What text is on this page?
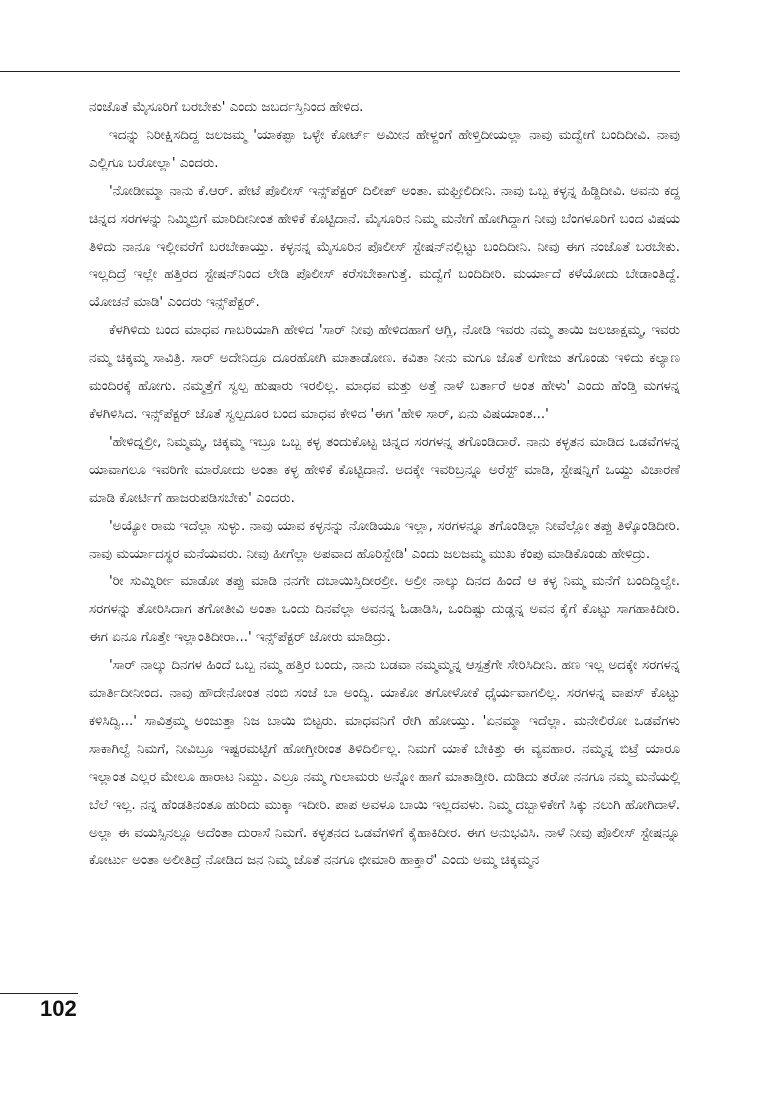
ನಂಜೊತೆ ಮೈಸೂರಿಗೆ ಬರಬೇಕು' ಎಂದು ಜಬರ್ದಸ್ತಿನಿಂದ ಹೇಳಿದ.

ಇದನ್ನು ನಿರೀಕ್ಷಿಸದಿದ್ದ ಜಲಜಮ್ಮ 'ಯಾಕಪ್ಪಾ ಒಳ್ಳೇ ಕೋರ್ಟ್ ಅಮೀನ ಹೇಳ್ದಂಗೆ ಹೇಳ್ತಿದೀಯಲ್ಲಾ ನಾವು ಮದ್ವೇಗೆ ಬಂದಿದೀವಿ. ನಾವು ಎಲ್ಲಿಗೂ ಬರೋಲ್ಲಾ' ಎಂದರು.

'ನೋಡೀಮ್ಮಾ ನಾನು ಕೆ.ಆರ್. ಪೇಟೆ ಪೊಲೀಸ್ ಇನ್ಸ್‌ಪೆಕ್ಟರ್ ದಿಲೀಪ್ ಅಂತಾ. ಮಫ್ತೀಲಿದೀನಿ. ನಾವು ಒಬ್ಬ ಕಳ್ಳನ್ನ ಹಿಡ್ದಿದೀವಿ. ಅವನು ಕದ್ದ ಚಿನ್ನದ ಸರಗಳನ್ನು ನಿಮ್ಮಿಬ್ರಿಗೆ ಮಾರಿದೀನೀಂತ ಹೇಳಿಕೆ ಕೊಟ್ಟಿದಾನೆ. ಮೈಸೂರಿನ ನಿಮ್ಮ ಮನೇಗೆ ಹೋಗಿದ್ದಾಗ ನೀವು ಬೆಂಗಳೂರಿಗೆ ಬಂದ ವಿಷಯ ತಿಳಿದು ನಾನೂ ಇಲ್ಲೀವರೆಗೆ ಬರಬೇಕಾಯ್ತು. ಕಳ್ಳನನ್ನ ಮೈಸೂರಿನ ಪೊಲೀಸ್ ಸ್ಟೇಷನ್‌ನಲ್ಲಿಟ್ಟು ಬಂದಿದೀನಿ. ನೀವು ಈಗ ನಂಜೊತೆ ಬರಬೇಕು. ಇಲ್ಲದಿದ್ರೆ ಇಲ್ಲೇ ಹತ್ತಿರದ ಸ್ಟೇಷನ್‌ನಿಂದ ಲೇಡಿ ಪೊಲೀಸ್ ಕರೆಸಬೇಕಾಗುತ್ತೆ. ಮದ್ವೆಗೆ ಬಂದಿದೀರಿ. ಮರ್ಯಾದೆ ಕಳೆಯೋದು ಬೇಡಾಂತಿದ್ದೆ. ಯೋಚನೆ ಮಾಡಿ' ಎಂದರು ಇನ್ಸ್‌ಪೆಕ್ಟರ್.

ಕೆಳಗಿಳಿದು ಬಂದ ಮಾಧವ ಗಾಬರಿಯಾಗಿ ಹೇಳಿದ 'ಸಾರ್ ನೀವು ಹೇಳಿದಹಾಗೆ ಆಗ್ಲಿ, ನೋಡಿ ಇವರು ನಮ್ಮ ತಾಯಿ ಜಲಜಾಕ್ಷಮ್ಮ, ಇವರು ನಮ್ಮ ಚಿಕ್ಕಮ್ಮ ಸಾವಿತ್ರಿ. ಸಾರ್ ಅದೇನಿದ್ರೂ ದೂರಹೋಗಿ ಮಾತಾಡೋಣ. ಕವಿತಾ ನೀನು ಮಗೂ ಜೊತೆ ಲಗೇಜು ತಗೊಂಡು ಇಳಿದು ಕಲ್ಯಾಣ ಮಂದಿರಕ್ಕೆ ಹೋಗು. ನಮ್ಮತ್ತೆಗೆ ಸ್ವಲ್ಪ ಹುಷಾರು ಇರಲಿಲ್ಲ. ಮಾಧವ ಮತ್ತು ಅತ್ತೆ ನಾಳೆ ಬರ್ತಾರೆ ಅಂತ ಹೇಳು' ಎಂದು ಹೆಂಡ್ತಿ ಮಗಳನ್ನ ಕೆಳಗಿಳಿಸಿದ. ಇನ್ಸ್‌ಪೆಕ್ಟರ್ ಜೊತೆ ಸ್ವಲ್ಪದೂರ ಬಂದ ಮಾಧವ ಕೇಳಿದ 'ಈಗ 'ಹೇಳಿ ಸಾರ್, ಏನು ವಿಷಯಾಂತ...'

'ಹೇಳಿದ್ನಲ್ರೀ, ನಿಮ್ಮಮ್ಮ, ಚಿಕ್ಕಮ್ಮ ಇಬ್ರೂ ಒಬ್ಬ ಕಳ್ಳ ತಂದುಕೊಟ್ಟ ಚಿನ್ನದ ಸರಗಳನ್ನ ತಗೊಂಡಿದಾರೆ. ನಾನು ಕಳ್ಳತನ ಮಾಡಿದ ಒಡವೆಗಳನ್ನ ಯಾವಾಗಲೂ ಇವರಿಗೇ ಮಾರೋದು ಅಂತಾ ಕಳ್ಳ ಹೇಳಿಕೆ ಕೊಟ್ಟಿದಾನೆ. ಅದಕ್ಕೇ ಇವರಿಬ್ರನ್ನೂ ಅರೆಸ್ಟ್ ಮಾಡಿ, ಸ್ಟೇಷನ್ನಿಗೆ ಒಯ್ದು ವಿಚಾರಣೆ ಮಾಡಿ ಕೋರ್ಟಿಗೆ ಹಾಜರುಪಡಿಸಬೇಕು' ಎಂದರು.

'ಅಯ್ಯೋ ರಾಮ ಇದೆಲ್ಲಾ ಸುಳ್ಳು. ನಾವು ಯಾವ ಕಳ್ಳನನ್ನು ನೋಡಿಯೂ ಇಲ್ಲಾ, ಸರಗಳನ್ನೂ ತಗೊಂಡಿಲ್ಲಾ ನೀವೆಲ್ಲೋ ತಪ್ಪು ತಿಳ್ಕೊಂಡಿದೀರಿ. ನಾವು ಮರ್ಯಾದಸ್ಥರ ಮನೆಯವರು. ನೀವು ಹೀಗೆಲ್ಲಾ ಅಪವಾದ ಹೊರಿಸ್ಬೇಡಿ' ಎಂದು ಜಲಜಮ್ಮ ಮುಖ ಕೆಂಪು ಮಾಡಿಕೊಂಡು ಹೇಳಿದ್ರು.

'ರೀ ಸುಮ್ನಿರ್ರೀ ಮಾಡೋ ತಪ್ಪು ಮಾಡಿ ನನಗೇ ದಬಾಯಿಸ್ತಿದೀರಲ್ರೀ. ಅಲ್ರೀ ನಾಲ್ಕು ದಿನದ ಹಿಂದೆ ಆ ಕಳ್ಳ ನಿಮ್ಮ ಮನೆಗೆ ಬಂದಿದ್ದಿಲ್ವೇ. ಸರಗಳನ್ನು ತೋರಿಸಿದಾಗ ತಗೋತೀವಿ ಅಂತಾ ಒಂದು ದಿನವೆಲ್ಲಾ ಅವನನ್ನ ಓಡಾಡಿಸಿ, ಒಂದಿಷ್ಟು ದುಡ್ಡನ್ನ ಅವನ ಕೈಗೆ ಕೊಟ್ಟು ಸಾಗಹಾಕಿದೀರಿ. ಈಗ ಏನೂ ಗೊತ್ತೇ ಇಲ್ಲಾಂತಿದೀರಾ...' ಇನ್ಸ್‌ಪೆಕ್ಟರ್ ಜೋರು ಮಾಡಿದ್ರು.

'ಸಾರ್ ನಾಲ್ಕು ದಿನಗಳ ಹಿಂದೆ ಒಬ್ಬ ನಮ್ಮ ಹತ್ತಿರ ಬಂದು, ನಾನು ಬಡವಾ ನಮ್ಮಮ್ಮನ್ನ ಆಸ್ಪತ್ರೆಗೇ ಸೇರಿಸಿದೀನಿ. ಹಣ ಇಲ್ಲ ಅದಕ್ಕೇ ಸರಗಳನ್ನ ಮಾರ್ತಿದೀನೀಂದ. ನಾವು ಹೌದೇನೋಂತ ನಂಬಿ ಸಂಜೆ ಬಾ ಅಂದ್ವಿ. ಯಾಕೋ ತಗೋಳೋಕೆ ಧೈರ್ಯವಾಗಲಿಲ್ಲ. ಸರಗಳನ್ನ ವಾಪಸ್ ಕೊಟ್ಟು ಕಳಿಸಿದ್ವಿ...' ಸಾವಿತ್ರಮ್ಮ ಅಂಜುತ್ತಾ ನಿಜ ಬಾಯಿ ಬಿಟ್ಟರು. ಮಾಧವನಿಗೆ ರೇಗಿ ಹೋಯ್ತು. 'ಏನಮ್ಮಾ ಇದೆಲ್ಲಾ. ಮನೇಲಿರೋ ಒಡವೆಗಳು ಸಾಕಾಗಿಲ್ವೆ ನಿಮಗೆ, ನೀವಿಬ್ರೂ ಇಷ್ಟರಮಟ್ಟಿಗೆ ಹೋಗ್ತೀರೀಂತ ತಿಳಿದಿರ್ಲಿಲ್ಲ. ನಿಮಗೆ ಯಾಕೆ ಬೇಕಿತ್ತು ಈ ವ್ಯವಹಾರ. ನಮ್ಮನ್ನ ಬಿಟ್ರೆ ಯಾರೂ ಇಲ್ಲಾಂತ ಎಲ್ಲರ ಮೇಲೂ ಹಾರಾಟ ನಿಮ್ದು. ಎಲ್ರೂ ನಮ್ಮ ಗುಲಾಮರು ಅನ್ನೋ ಹಾಗೆ ಮಾತಾಡ್ತೀರಿ. ದುಡಿದು ತರೋ ನನಗೂ ನಮ್ಮ ಮನೆಯಲ್ಲಿ ಬೆಲೆ ಇಲ್ಲ. ನನ್ನ ಹೆಂಡತಿನಂತೂ ಹುರಿದು ಮುಕ್ಕಾ ಇದೀರಿ. ಪಾಪ ಅವಳೂ ಬಾಯಿ ಇಲ್ಲದವಳು. ನಿಮ್ಮ ದಬ್ಬಾಳಿಕೇಗೆ ಸಿಕ್ಕು ನಲುಗಿ ಹೋಗಿದಾಳೆ. ಅಲ್ಲಾ ಈ ವಯಸ್ಸಿನಲ್ಲೂ ಅದೆಂತಾ ದುರಾಸೆ ನಿಮಗೆ. ಕಳ್ಳತನದ ಒಡವೆಗಳಿಗೆ ಕೈಹಾಕಿದೀರ. ಈಗ ಅನುಭವಿಸಿ. ನಾಳೆ ನೀವು ಪೊಲೀಸ್ ಸ್ಟೇಷನ್ನೂ ಕೋರ್ಟು ಅಂತಾ ಅಲೀತಿದ್ರೆ ನೋಡಿದ ಜನ ನಿಮ್ಮ ಜೊತೆ ನನಗೂ ಛೀಮಾರಿ ಹಾಕ್ತಾರೆ' ಎಂದು ಅಮ್ಮ ಚಿಕ್ಕಮ್ಮನ

102
